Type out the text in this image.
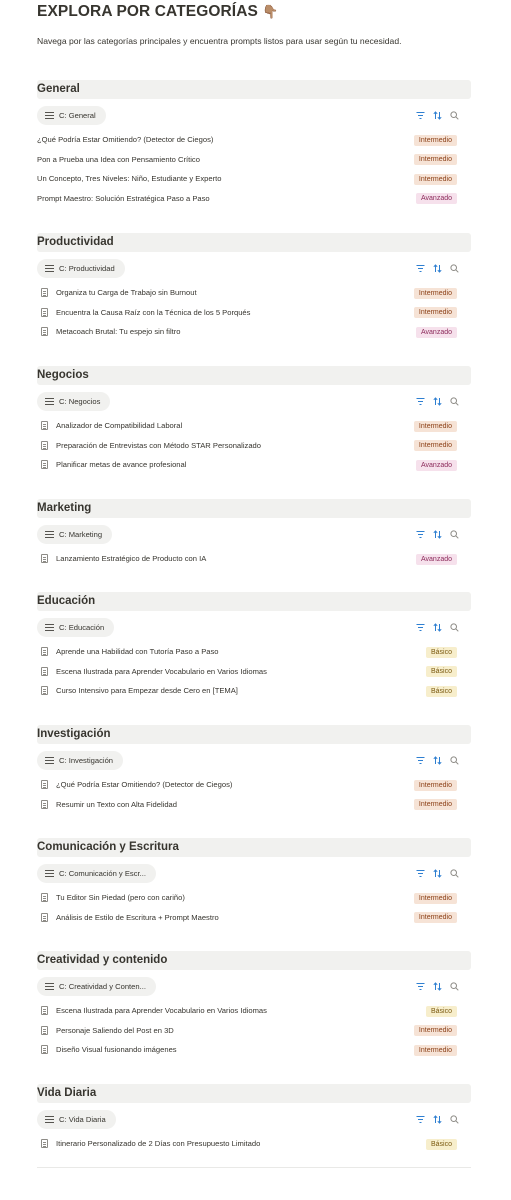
EXPLORA POR CATEGORÍAS 👇🏽
Navega por las categorías principales y encuentra prompts listos para usar según tu necesidad.
General
C: General
¿Qué Podría Estar Omitiendo? (Detector de Ciegos)	Intermedio
Pon a Prueba una Idea con Pensamiento Crítico	Intermedio
Un Concepto, Tres Niveles: Niño, Estudiante y Experto	Intermedio
Prompt Maestro: Solución Estratégica Paso a Paso	Avanzado
Productividad
C: Productividad
Organiza tu Carga de Trabajo sin Burnout	Intermedio
Encuentra la Causa Raíz con la Técnica de los 5 Porqués	Intermedio
Metacoach Brutal: Tu espejo sin filtro	Avanzado
Negocios
C: Negocios
Analizador de Compatibilidad Laboral	Intermedio
Preparación de Entrevistas con Método STAR Personalizado	Intermedio
Planificar metas de avance profesional	Avanzado
Marketing
C: Marketing
Lanzamiento Estratégico de Producto con IA	Avanzado
Educación
C: Educación
Aprende una Habilidad con Tutoría Paso a Paso	Básico
Escena Ilustrada para Aprender Vocabulario en Varios Idiomas	Básico
Curso Intensivo para Empezar desde Cero en [TEMA]	Básico
Investigación
C: Investigación
¿Qué Podría Estar Omitiendo? (Detector de Ciegos)	Intermedio
Resumir un Texto con Alta Fidelidad	Intermedio
Comunicación y Escritura
C: Comunicación y Escr...
Tu Editor Sin Piedad (pero con cariño)	Intermedio
Análisis de Estilo de Escritura + Prompt Maestro	Intermedio
Creatividad y contenido
C: Creatividad y Conten...
Escena Ilustrada para Aprender Vocabulario en Varios Idiomas	Básico
Personaje Saliendo del Post en 3D	Intermedio
Diseño Visual fusionando imágenes	Intermedio
Vida Diaria
C: Vida Diaria
Itinerario Personalizado de 2 Días con Presupuesto Limitado	Básico
